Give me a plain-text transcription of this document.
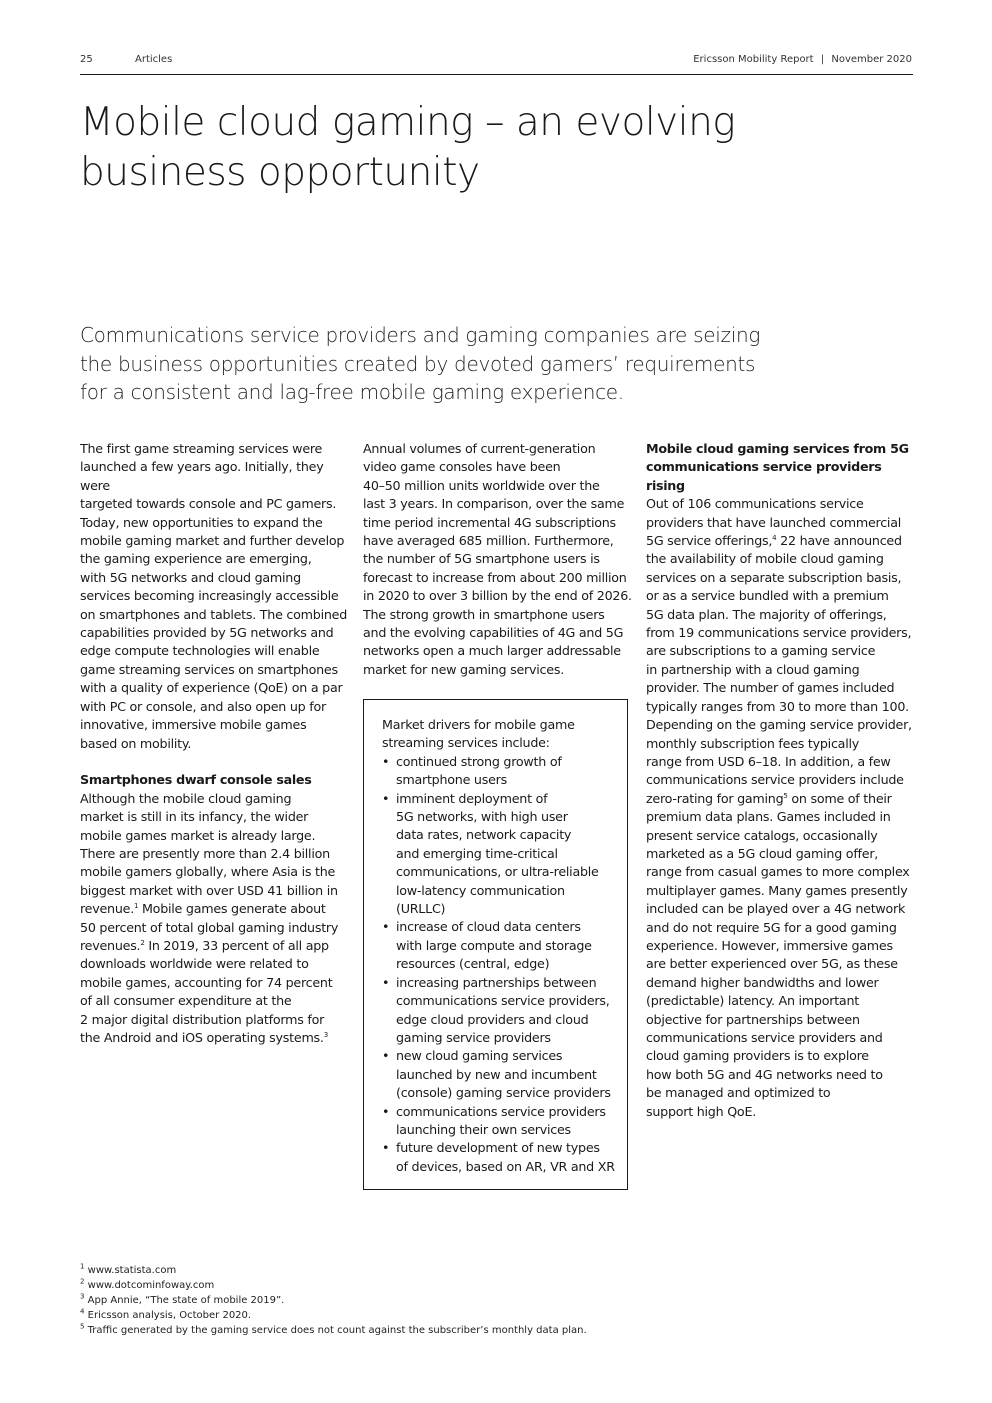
25	Articles	Ericsson Mobility Report | November 2020
Mobile cloud gaming – an evolving
business opportunity

Communications service providers and gaming companies are seizing
the business opportunities created by devoted gamers’ requirements
for a consistent and lag-free mobile gaming experience.

The first game streaming services were
launched a few years ago. Initially, they were
targeted towards console and PC gamers.
Today, new opportunities to expand the
mobile gaming market and further develop
the gaming experience are emerging,
with 5G networks and cloud gaming
services becoming increasingly accessible
on smartphones and tablets. The combined
capabilities provided by 5G networks and
edge compute technologies will enable
game streaming services on smartphones
with a quality of experience (QoE) on a par
with PC or console, and also open up for
innovative, immersive mobile games
based on mobility.

Smartphones dwarf console sales

Although the mobile cloud gaming
market is still in its infancy, the wider
mobile games market is already large.
There are presently more than 2.4 billion
mobile gamers globally, where Asia is the
biggest market with over USD 41 billion in
revenue.$^1$ Mobile games generate about
50 percent of total global gaming industry
revenues.$^2$ In 2019, 33 percent of all app
downloads worldwide were related to
mobile games, accounting for 74 percent
of all consumer expenditure at the
2 major digital distribution platforms for
the Android and iOS operating systems.$^3$

Annual volumes of current-generation
video game consoles have been
40–50 million units worldwide over the
last 3 years. In comparison, over the same
time period incremental 4G subscriptions
have averaged 685 million. Furthermore,
the number of 5G smartphone users is
forecast to increase from about 200 million
in 2020 to over 3 billion by the end of 2026.
The strong growth in smartphone users
and the evolving capabilities of 4G and 5G
networks open a much larger addressable
market for new gaming services.

Market drivers for mobile game
streaming services include:

• continued strong growth of
smartphone users
• imminent deployment of
5G networks, with high user
data rates, network capacity
and emerging time-critical
communications, or ultra-reliable
low-latency communication
(URLLC)
• increase of cloud data centers
with large compute and storage
resources (central, edge)
• increasing partnerships between
communications service providers,
edge cloud providers and cloud
gaming service providers
• new cloud gaming services
launched by new and incumbent
(console) gaming service providers
• communications service providers
launching their own services
• future development of new types
of devices, based on AR, VR and XR
Mobile cloud gaming services from 5G
communications service providers rising

Out of 106 communications service
providers that have launched commercial
5G service offerings,$^4$ 22 have announced
the availability of mobile cloud gaming
services on a separate subscription basis,
or as a service bundled with a premium
5G data plan. The majority of offerings,
from 19 communications service providers,
are subscriptions to a gaming service
in partnership with a cloud gaming
provider. The number of games included
typically ranges from 30 to more than 100.
Depending on the gaming service provider,
monthly subscription fees typically
range from USD 6–18. In addition, a few
communications service providers include
zero-rating for gaming$^5$ on some of their
premium data plans. Games included in
present service catalogs, occasionally
marketed as a 5G cloud gaming offer,
range from casual games to more complex
multiplayer games. Many games presently
included can be played over a 4G network
and do not require 5G for a good gaming
experience. However, immersive games
are better experienced over 5G, as these
demand higher bandwidths and lower
(predictable) latency. An important
objective for partnerships between
communications service providers and
cloud gaming providers is to explore
how both 5G and 4G networks need to
be managed and optimized to
support high QoE.

$^1$ www.statista.com
$^2$ www.dotcominfoway.com
$^3$ App Annie, “The state of mobile 2019”.
$^4$ Ericsson analysis, October 2020.
$^5$ Traffic generated by the gaming service does not count against the subscriber’s monthly data plan.
